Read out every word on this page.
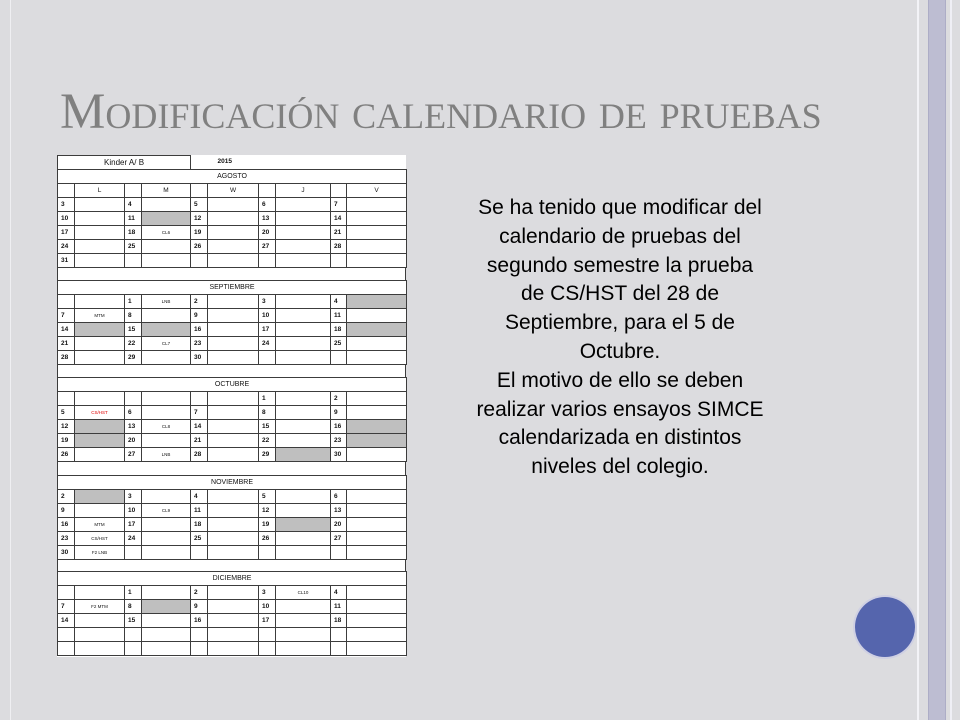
Modificación calendario de pruebas
Kinder A/ B				2015					
AGOSTO									
	L		M		W		J		V
3		4		5		6		7	
10		11		12		13		14	
17		18	CL6	19		20		21	
24		25		26		27		28	
31									
SEPTIEMBRE									
		1	LNB	2		3		4	
7	MTM	8		9		10		11	
14		15		16		17		18	
21		22	CL7	23		24		25	
28		29		30					
OCTUBRE									
						1		2	
5	CS/HST	6		7		8		9	
12		13	CL8	14		15		16	
19		20		21		22		23	
26		27	LNB	28		29		30	
NOVIEMBRE									
2		3		4		5		6	
9		10	CL9	11		12		13	
16	MTM	17		18		19		20	
23	CS/HST	24		25		26		27	
30	F2 LNB								
DICIEMBRE									
		1		2		3	CL10	4	
7	F2 MTM	8		9		10		11	
14		15		16		17		18	

Se ha tenido que modificar del
calendario de pruebas del
segundo semestre la prueba
de CS/HST del 28 de
Septiembre, para el 5 de
Octubre.
El motivo de ello se deben
realizar varios ensayos SIMCE
calendarizada en distintos
niveles del colegio.
